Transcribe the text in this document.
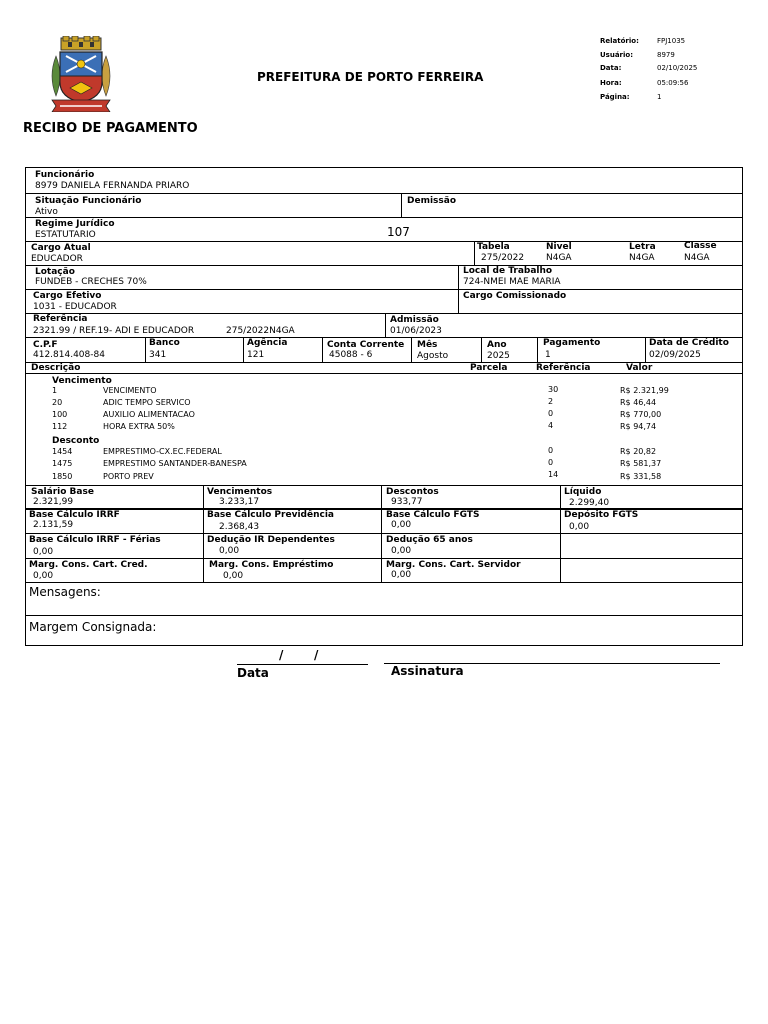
PREFEITURA DE PORTO FERREIRA
RECIBO DE PAGAMENTO
Relatório:	FPJ1035
Usuário:	8979
Data:	02/10/2025
Hora:	05:09:56
Página:	1
Funcionário
8979 DANIELA FERNANDA PRIARO
Situação Funcionário
Ativo
Demissão
Regime Jurídico
ESTATUTARIO	107
Cargo Atual
EDUCADOR
Tabela
275/2022
Nivel
N4GA
Letra
N4GA
Classe
N4GA
Lotação
FUNDEB - CRECHES 70%
Local de Trabalho
724-NMEI MAE MARIA
Cargo Efetivo
1031 - EDUCADOR
Cargo Comissionado
Referência
2321.99 / REF.19- ADI E EDUCADOR	275/2022N4GA
Admissão
01/06/2023
C.P.F
412.814.408-84
Banco
341
Agência
121
Conta Corrente
45088 - 6
Mês
Agosto
Ano
2025
Pagamento
1
Data de Crédito
02/09/2025
Descrição	Parcela	Referência	Valor
Vencimento
1	VENCIMENTO	30	R$ 2.321,99
20	ADIC TEMPO SERVICO	2	R$ 46,44
100	AUXILIO ALIMENTACAO	0	R$ 770,00
112	HORA EXTRA 50%	4	R$ 94,74
Desconto
1454	EMPRESTIMO-CX.EC.FEDERAL	0	R$ 20,82
1475	EMPRESTIMO SANTANDER-BANESPA	0	R$ 581,37
1850	PORTO PREV	14	R$ 331,58
Salário Base
2.321,99
Vencimentos
3.233,17
Descontos
933,77
Líquido
2.299,40
Base Cálculo IRRF
2.131,59
Base Cálculo Previdência
2.368,43
Base Cálculo FGTS
0,00
Depósito FGTS
0,00
Base Cálculo IRRF - Férias
0,00
Dedução IR Dependentes
0,00
Dedução 65 anos
0,00
Marg. Cons. Cart. Cred.
0,00
Marg. Cons. Empréstimo
0,00
Marg. Cons. Cart. Servidor
0,00
Mensagens:
Margem Consignada:
/	/
Data	Assinatura
